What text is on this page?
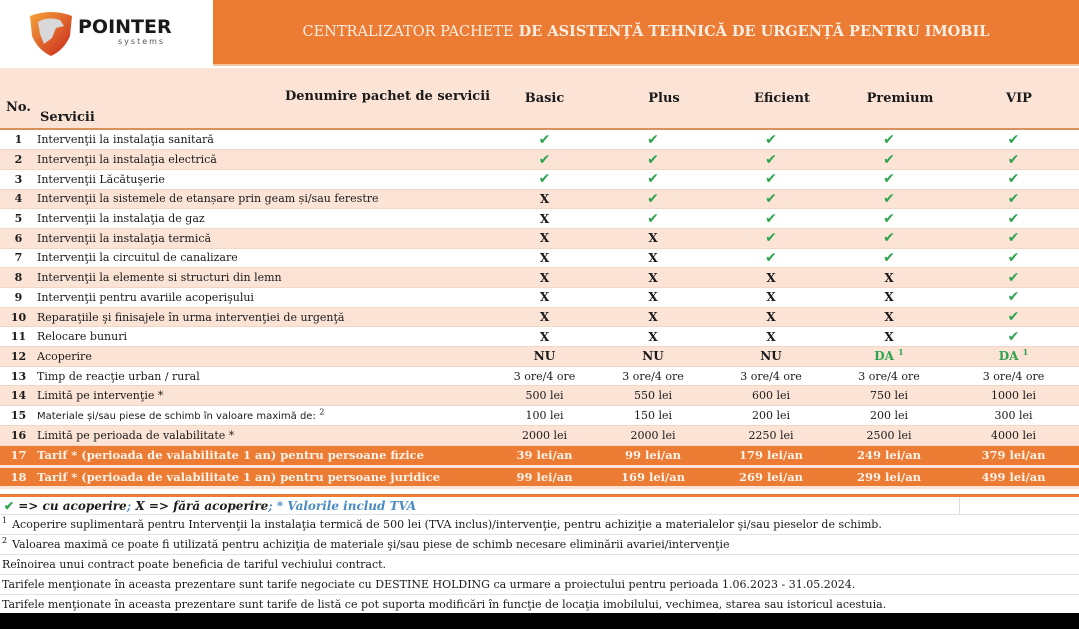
POINTER
systems
CENTRALIZATOR PACHETE DE ASISTENȚĂ TEHNICĂ DE URGENȚĂ PENTRU IMOBIL
No.
Servicii
Denumire pachet de servicii	Basic	Plus	Eficient	Premium	VIP
1	Intervenţii la instalaţia sanitară	✔	✔	✔	✔	✔
2	Intervenţii la instalaţia electrică	✔	✔	✔	✔	✔
3	Intervenţii Lăcătuşerie	✔	✔	✔	✔	✔
4	Intervenţii la sistemele de etanșare prin geam și/sau ferestre	X	✔	✔	✔	✔
5	Intervenţii la instalaţia de gaz	X	✔	✔	✔	✔
6	Intervenţii la instalaţia termică	X	X	✔	✔	✔
7	Intervenţii la circuitul de canalizare	X	X	✔	✔	✔
8	Intervenţii la elemente si structuri din lemn	X	X	X	X	✔
9	Intervenţii pentru avariile acoperişului	X	X	X	X	✔
10	Reparaţiile şi finisajele în urma intervenţiei de urgenţă	X	X	X	X	✔
11	Relocare bunuri	X	X	X	X	✔
12	Acoperire	NU	NU	NU	DA $^1$	DA $^1$
13	Timp de reacţie urban / rural	3 ore/4 ore	3 ore/4 ore	3 ore/4 ore	3 ore/4 ore	3 ore/4 ore
14	Limită pe intervenţie *	500 lei	550 lei	600 lei	750 lei	1000 lei
15	Materiale și/sau piese de schimb în valoare maximă de: $^2$	100 lei	150 lei	200 lei	200 lei	300 lei
16	Limită pe perioada de valabilitate *	2000 lei	2000 lei	2250 lei	2500 lei	4000 lei
17	Tarif * (perioada de valabilitate 1 an) pentru persoane fizice	39 lei/an	99 lei/an	179 lei/an	249 lei/an	379 lei/an
18	Tarif * (perioada de valabilitate 1 an) pentru persoane juridice	99 lei/an	169 lei/an	269 lei/an	299 lei/an	499 lei/an
✔ => cu acoperire; X => fără acoperire; * Valorile includ TVA
$^1$ Acoperire suplimentară pentru Intervenţii la instalaţia termică de 500 lei (TVA inclus)/intervenţie, pentru achiziţie a materialelor şi/sau pieselor de schimb.
$^2$ Valoarea maximă ce poate fi utilizată pentru achiziţia de materiale şi/sau piese de schimb necesare eliminării avariei/intervenţie
Reînoirea unui contract poate beneficia de tariful vechiului contract.
Tarifele menţionate în aceasta prezentare sunt tarife negociate cu DESTINE HOLDING ca urmare a proiectului pentru perioada 1.06.2023 - 31.05.2024.
Tarifele menţionate în aceasta prezentare sunt tarife de listă ce pot suporta modificări în funcţie de locaţia imobilului, vechimea, starea sau istoricul acestuia.
